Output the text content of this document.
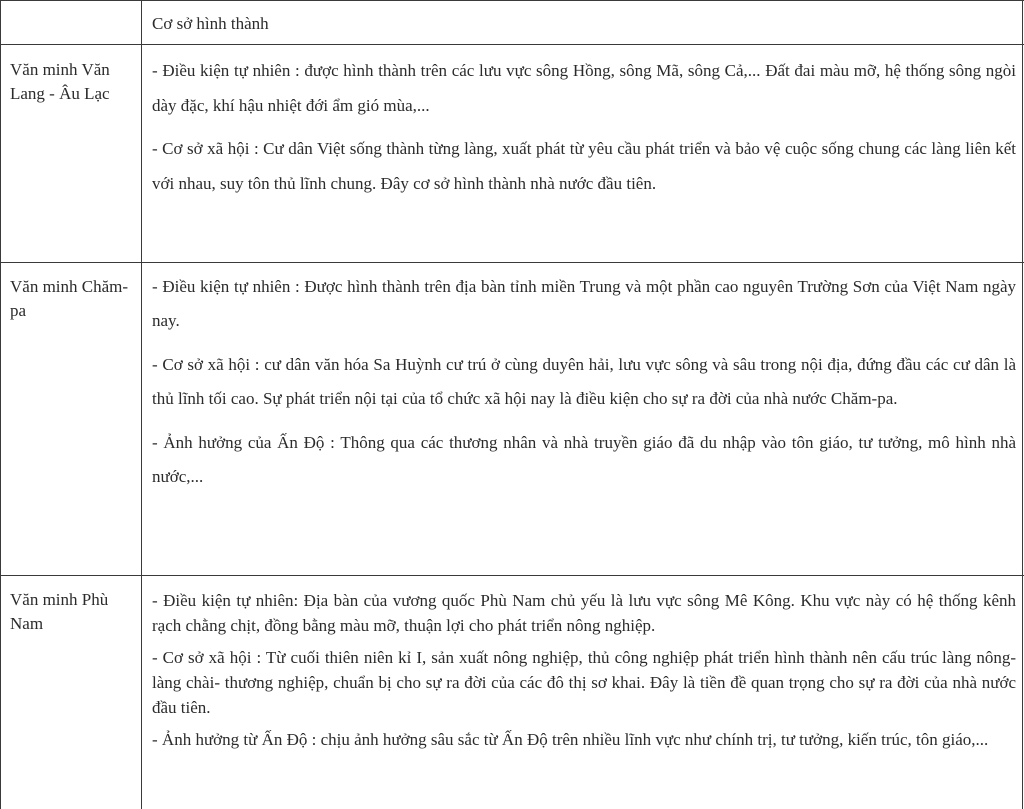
Cơ sở hình thành
Văn minh Văn Lang - Âu Lạc

- Điều kiện tự nhiên : được hình thành trên các lưu vực sông Hồng, sông Mã, sông Cả,... Đất đai màu mỡ, hệ thống sông ngòi dày đặc, khí hậu nhiệt đới ẩm gió mùa,...

- Cơ sở xã hội : Cư dân Việt sống thành từng làng, xuất phát từ yêu cầu phát triển và bảo vệ cuộc sống chung các làng liên kết với nhau, suy tôn thủ lĩnh chung. Đây cơ sở hình thành nhà nước đầu tiên.

Văn minh Chăm-pa

- Điều kiện tự nhiên : Được hình thành trên địa bàn tỉnh miền Trung và một phần cao nguyên Trường Sơn của Việt Nam ngày nay.

- Cơ sở xã hội : cư dân văn hóa Sa Huỳnh cư trú ở cùng duyên hải, lưu vực sông và sâu trong nội địa, đứng đầu các cư dân là thủ lĩnh tối cao. Sự phát triển nội tại của tổ chức xã hội nay là điều kiện cho sự ra đời của nhà nước Chăm-pa.

- Ảnh hưởng của Ấn Độ : Thông qua các thương nhân và nhà truyền giáo đã du nhập vào tôn giáo, tư tưởng, mô hình nhà nước,...

Văn minh Phù Nam

- Điều kiện tự nhiên: Địa bàn của vương quốc Phù Nam chủ yếu là lưu vực sông Mê Kông. Khu vực này có hệ thống kênh rạch chằng chịt, đồng bằng màu mỡ, thuận lợi cho phát triển nông nghiệp.

- Cơ sở xã hội : Từ cuối thiên niên kỉ I, sản xuất nông nghiệp, thủ công nghiệp phát triển hình thành nên cấu trúc làng nông- làng chài- thương nghiệp, chuẩn bị cho sự ra đời của các đô thị sơ khai. Đây là tiền đề quan trọng cho sự ra đời của nhà nước đầu tiên.

- Ảnh hưởng từ Ấn Độ : chịu ảnh hưởng sâu sắc từ Ấn Độ trên nhiều lĩnh vực như chính trị, tư tưởng, kiến trúc, tôn giáo,...
